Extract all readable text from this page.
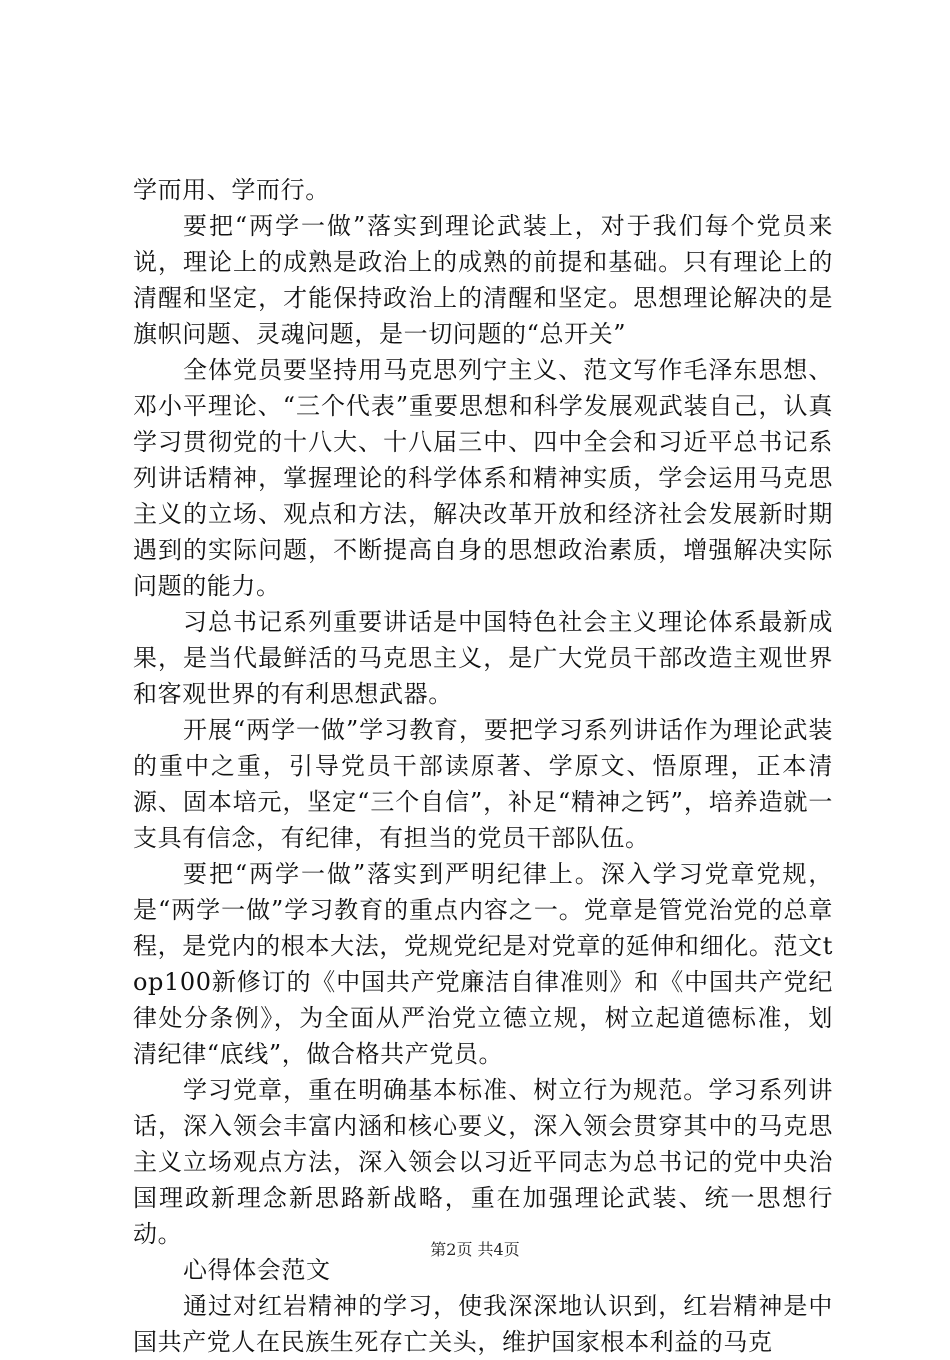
学而用、学而行。

要把“两学一做”落实到理论武装上，对于我们每个党员来说，理论上的成熟是政治上的成熟的前提和基础。只有理论上的清醒和坚定，才能保持政治上的清醒和坚定。思想理论解决的是旗帜问题、灵魂问题，是一切问题的“总开关”

全体党员要坚持用马克思列宁主义、范文写作毛泽东思想、邓小平理论、“三个代表”重要思想和科学发展观武装自己，认真学习贯彻党的十八大、十八届三中、四中全会和习近平总书记系列讲话精神，掌握理论的科学体系和精神实质，学会运用马克思主义的立场、观点和方法，解决改革开放和经济社会发展新时期遇到的实际问题，不断提高自身的思想政治素质，增强解决实际问题的能力。

习总书记系列重要讲话是中国特色社会主义理论体系最新成果，是当代最鲜活的马克思主义，是广大党员干部改造主观世界和客观世界的有利思想武器。

开展“两学一做”学习教育，要把学习系列讲话作为理论武装的重中之重，引导党员干部读原著、学原文、悟原理，正本清源、固本培元，坚定“三个自信”，补足“精神之钙”，培养造就一支具有信念，有纪律，有担当的党员干部队伍。

要把“两学一做”落实到严明纪律上。深入学习党章党规，是“两学一做”学习教育的重点内容之一。党章是管党治党的总章程，是党内的根本大法，党规党纪是对党章的延伸和细化。范文top100新修订的《中国共产党廉洁自律准则》和《中国共产党纪律处分条例》，为全面从严治党立德立规，树立起道德标准，划清纪律“底线”，做合格共产党员。

学习党章，重在明确基本标准、树立行为规范。学习系列讲话，深入领会丰富内涵和核心要义，深入领会贯穿其中的马克思主义立场观点方法，深入领会以习近平同志为总书记的党中央治国理政新理念新思路新战略，重在加强理论武装、统一思想行动。

心得体会范文

通过对红岩精神的学习，使我深深地认识到，红岩精神是中国共产党人在民族生死存亡关头，维护国家根本利益的马克

第2页 共4页
